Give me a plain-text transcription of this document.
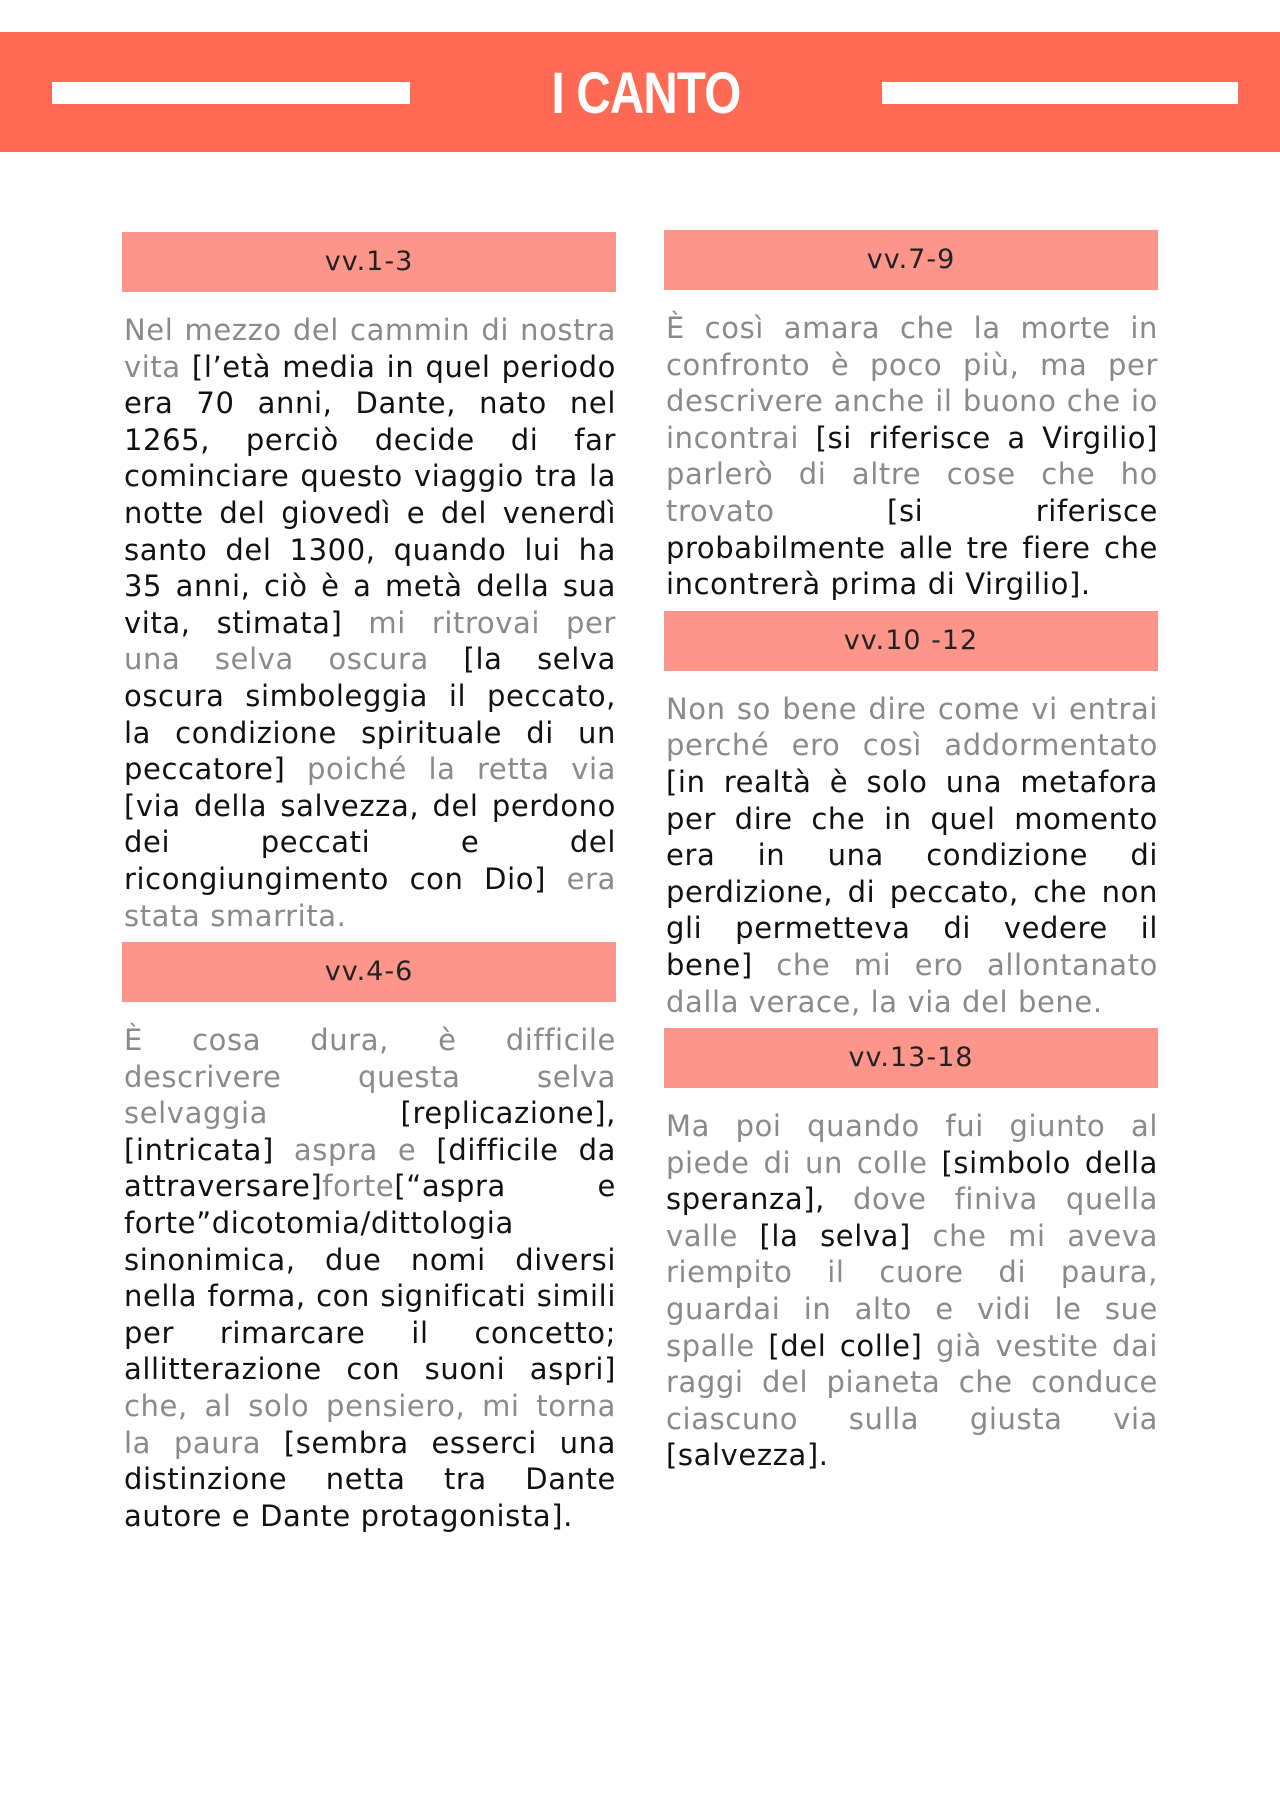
I CANTO INFERNO
vv.1-3
Nel mezzo del cammin di nostra vita [l’età media in quel periodo era 70 anni, Dante, nato nel 1265, perciò decide di far cominciare questo viaggio tra la notte del giovedì e del venerdì santo del 1300, quando lui ha 35 anni, ciò è a metà della sua vita, stimata] mi ritrovai per una selva oscura [la selva oscura simboleggia il peccato, la condizione spirituale di un peccatore] poiché la retta via [via della salvezza, del perdono dei peccati e del ricongiungimento con Dio] era stata smarrita.
vv.4-6
È cosa dura, è difficile descrivere questa selva selvaggia [replicazione], [intricata] aspra e [difficile da attraversare]forte[“aspra e forte”dicotomia/dittologia sinonimica, due nomi diversi nella forma, con significati simili per rimarcare il concetto; allitterazione con suoni aspri] che, al solo pensiero, mi torna la paura [sembra esserci una distinzione netta tra Dante autore e Dante protagonista].
vv.7-9
È così amara che la morte in confronto è poco più, ma per descrivere anche il buono che io incontrai [si riferisce a Virgilio] parlerò di altre cose che ho trovato [si riferisce probabilmente alle tre fiere che incontrerà prima di Virgilio].
vv.10 -12
Non so bene dire come vi entrai perché ero così addormentato [in realtà è solo una metafora per dire che in quel momento era in una condizione di perdizione, di peccato, che non gli permetteva di vedere il bene] che mi ero allontanato dalla verace, la via del bene.
vv.13-18
Ma poi quando fui giunto al piede di un colle [simbolo della speranza], dove finiva quella valle [la selva] che mi aveva riempito il cuore di paura, guardai in alto e vidi le sue spalle [del colle] già vestite dai raggi del pianeta che conduce ciascuno sulla giusta via [salvezza].
